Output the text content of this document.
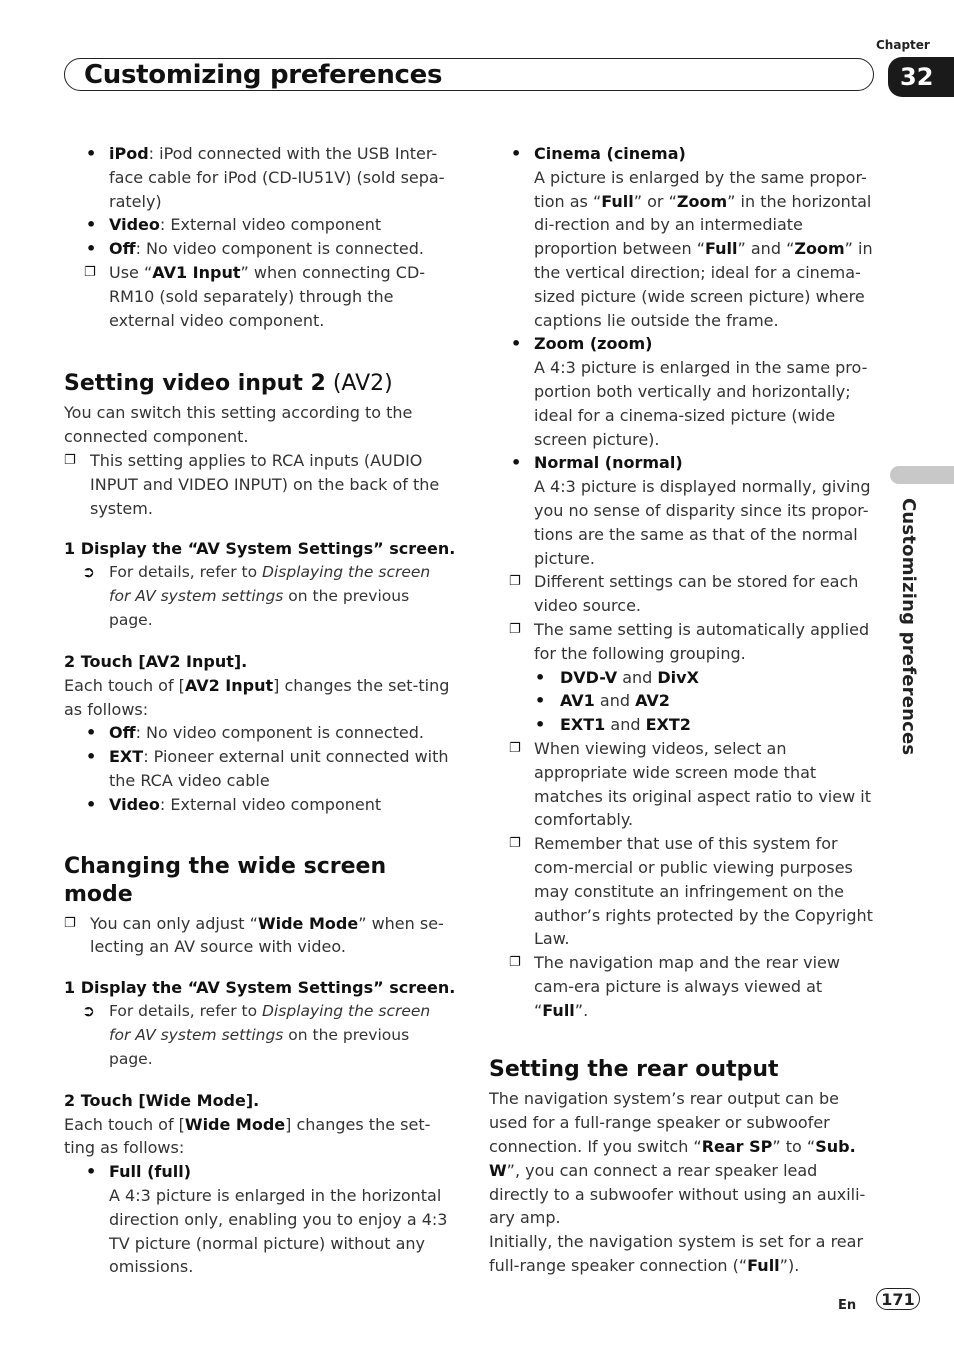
Customizing preferences
Chapter
32
Customizing preferences
• iPod: iPod connected with the USB Inter-face cable for iPod (CD-IU51V) (sold sepa-rately)
• Video: External video component
• Off: No video component is connected.
❐ Use “AV1 Input” when connecting CD-RM10 (sold separately) through the external video component.
Setting video input 2 (AV2)
You can switch this setting according to the connected component.
❐ This setting applies to RCA inputs (AUDIO INPUT and VIDEO INPUT) on the back of the system.
1 Display the “AV System Settings” screen.
➲ For details, refer to Displaying the screen for AV system settings on the previous page.
2 Touch [AV2 Input].
Each touch of [AV2 Input] changes the set-ting as follows:
• Off: No video component is connected.
• EXT: Pioneer external unit connected with the RCA video cable
• Video: External video component
Changing the wide screen mode
❐ You can only adjust “Wide Mode” when se-lecting an AV source with video.
1 Display the “AV System Settings” screen.
➲ For details, refer to Displaying the screen for AV system settings on the previous page.
2 Touch [Wide Mode].
Each touch of [Wide Mode] changes the set-ting as follows:
• Full (full)
A 4:3 picture is enlarged in the horizontal direction only, enabling you to enjoy a 4:3 TV picture (normal picture) without any omissions.
• Cinema (cinema)
A picture is enlarged by the same propor-tion as “Full” or “Zoom” in the horizontal di-rection and by an intermediate proportion between “Full” and “Zoom” in the vertical direction; ideal for a cinema-sized picture (wide screen picture) where captions lie outside the frame.
• Zoom (zoom)
A 4:3 picture is enlarged in the same pro-portion both vertically and horizontally; ideal for a cinema-sized picture (wide screen picture).
• Normal (normal)
A 4:3 picture is displayed normally, giving you no sense of disparity since its propor-tions are the same as that of the normal picture.
❐ Different settings can be stored for each video source.
❐ The same setting is automatically applied for the following grouping.
• DVD-V and DivX
• AV1 and AV2
• EXT1 and EXT2
❐ When viewing videos, select an appropriate wide screen mode that matches its original aspect ratio to view it comfortably.
❐ Remember that use of this system for com-mercial or public viewing purposes may constitute an infringement on the author’s rights protected by the Copyright Law.
❐ The navigation map and the rear view cam-era picture is always viewed at “Full”.
Setting the rear output
The navigation system’s rear output can be used for a full-range speaker or subwoofer connection. If you switch “Rear SP” to “Sub. W”, you can connect a rear speaker lead directly to a subwoofer without using an auxili-ary amp.
Initially, the navigation system is set for a rear full-range speaker connection (“Full”).
En	171
